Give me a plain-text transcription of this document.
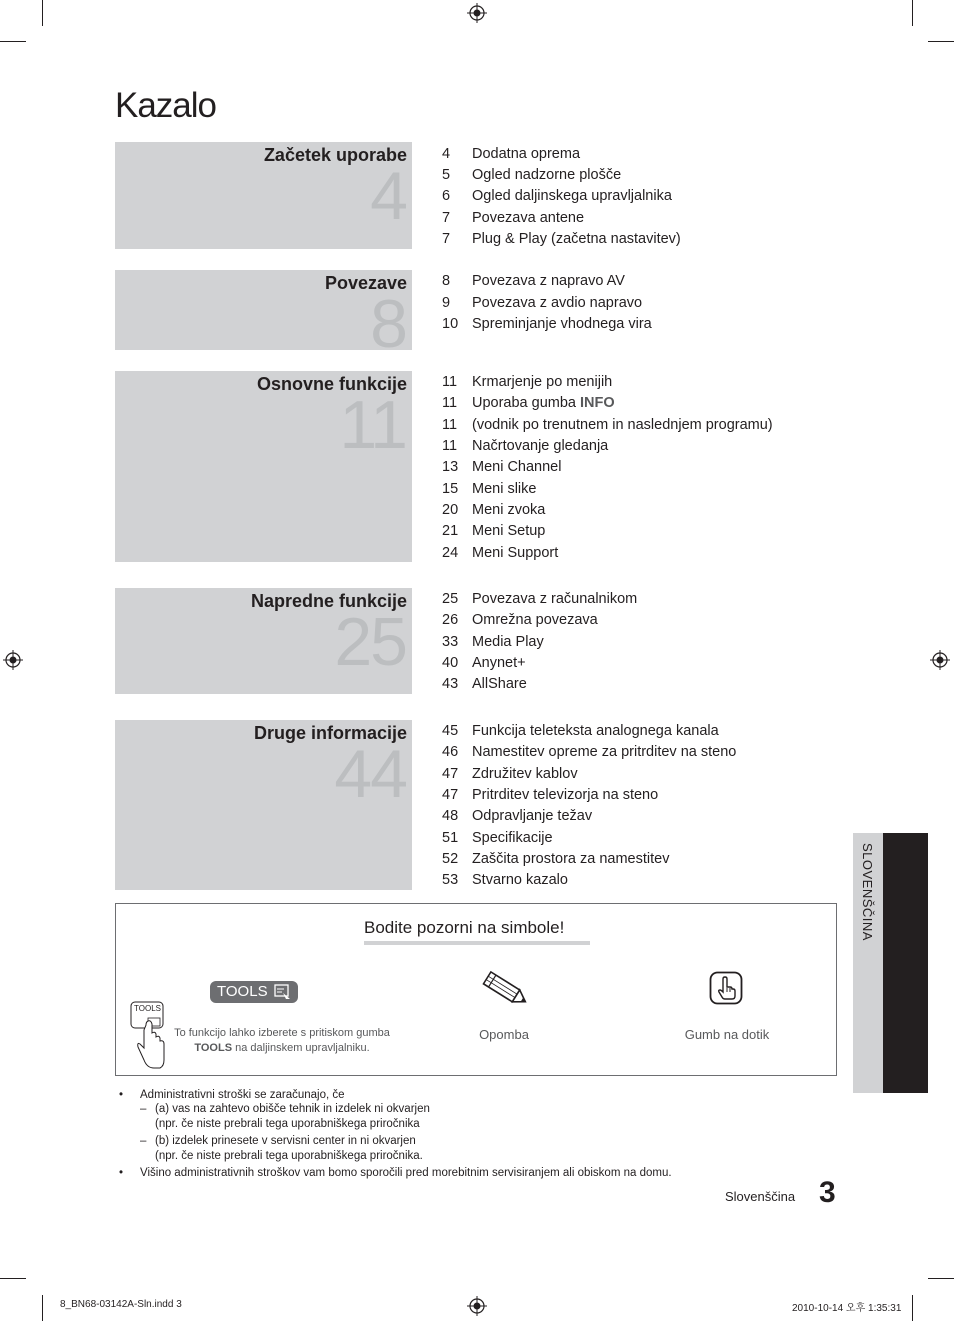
Kazalo
Začetek uporabe
4
Povezave
8
Osnovne funkcije
11
Napredne funkcije
25
Druge informacije
44
4 Dodatna oprema
5 Ogled nadzorne plošče
6 Ogled daljinskega upravljalnika
7 Povezava antene
7 Plug & Play (začetna nastavitev)
8 Povezava z napravo AV
9 Povezava z avdio napravo
10 Spreminjanje vhodnega vira
11 Krmarjenje po menijih
11 Uporaba gumba INFO
11 (vodnik po trenutnem in naslednjem programu)
11 Načrtovanje gledanja
13 Meni Channel
15 Meni slike
20 Meni zvoka
21 Meni Setup
24 Meni Support
25 Povezava z računalnikom
26 Omrežna povezava
33 Media Play
40 Anynet+
43 AllShare
45 Funkcija teleteksta analognega kanala
46 Namestitev opreme za pritrditev na steno
47 Združitev kablov
47 Pritrditev televizorja na steno
48 Odpravljanje težav
51 Specifikacije
52 Zaščita prostora za namestitev
53 Stvarno kazalo
Bodite pozorni na simbole!
TOOLS
TOOLS
To funkcijo lahko izberete s pritiskom gumba
TOOLS na daljinskem upravljalniku.
Opomba	Gumb na dotik
• Administrativni stroški se zaračunajo, če
– (a) vas na zahtevo obišče tehnik in izdelek ni okvarjen
(npr. če niste prebrali tega uporabniškega priročnika
– (b) izdelek prinesete v servisni center in ni okvarjen
(npr. če niste prebrali tega uporabniškega priročnika.
• Višino administrativnih stroškov vam bomo sporočili pred morebitnim servisiranjem ali obiskom na domu.
SLOVENŠČINA
Slovenščina 3
8_BN68-03142A-Sln.indd 3	2010-10-14 오후 1:35:31
